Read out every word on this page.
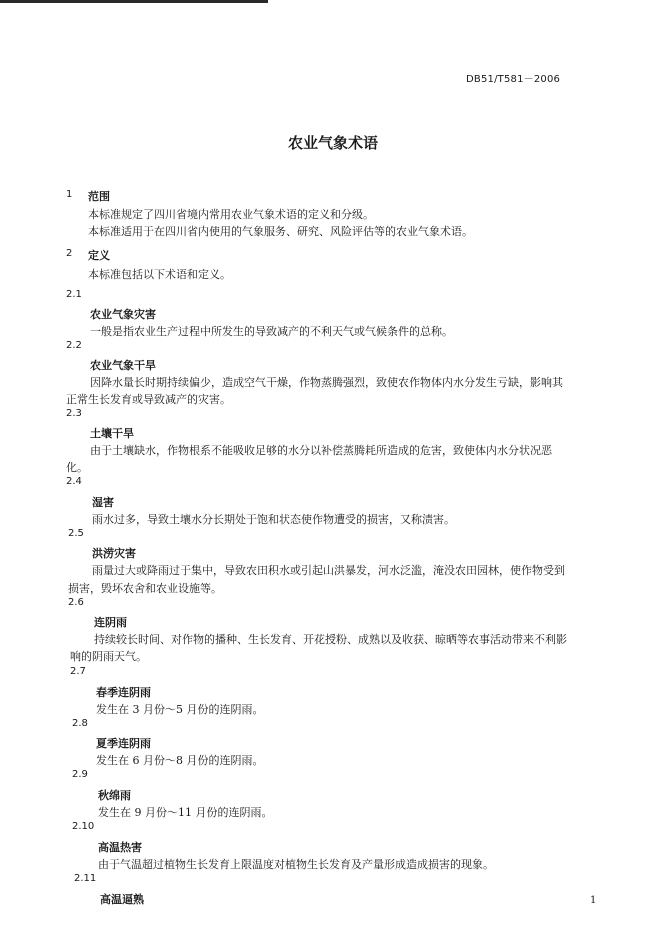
DB51/T581－2006
农业气象术语
1 范围
本标准规定了四川省境内常用农业气象术语的定义和分级。
本标准适用于在四川省内使用的气象服务、研究、风险评估等的农业气象术语。
2 定义
本标准包括以下术语和定义。
2.1
农业气象灾害
一般是指农业生产过程中所发生的导致减产的不利天气或气候条件的总称。
2.2
农业气象干旱
因降水量长时期持续偏少，造成空气干燥，作物蒸腾强烈，致使农作物体内水分发生亏缺，影响其
正常生长发育或导致减产的灾害。
2.3
土壤干旱
由于土壤缺水，作物根系不能吸收足够的水分以补偿蒸腾耗所造成的危害，致使体内水分状况恶
化。
2.4
湿害
雨水过多，导致土壤水分长期处于饱和状态使作物遭受的损害，又称渍害。
2.5
洪涝灾害
雨量过大或降雨过于集中，导致农田积水或引起山洪暴发，河水泛滥，淹没农田园林，使作物受到
损害，毁坏农舍和农业设施等。
2.6
连阴雨
持续较长时间、对作物的播种、生长发育、开花授粉、成熟以及收获、晾晒等农事活动带来不利影
响的阴雨天气。
2.7
春季连阴雨
发生在 3 月份～5 月份的连阴雨。
2.8
夏季连阴雨
发生在 6 月份～8 月份的连阴雨。
2.9
秋绵雨
发生在 9 月份～11 月份的连阴雨。
2.10
高温热害
由于气温超过植物生长发育上限温度对植物生长发育及产量形成造成损害的现象。
2.11
高温逼熟	1
